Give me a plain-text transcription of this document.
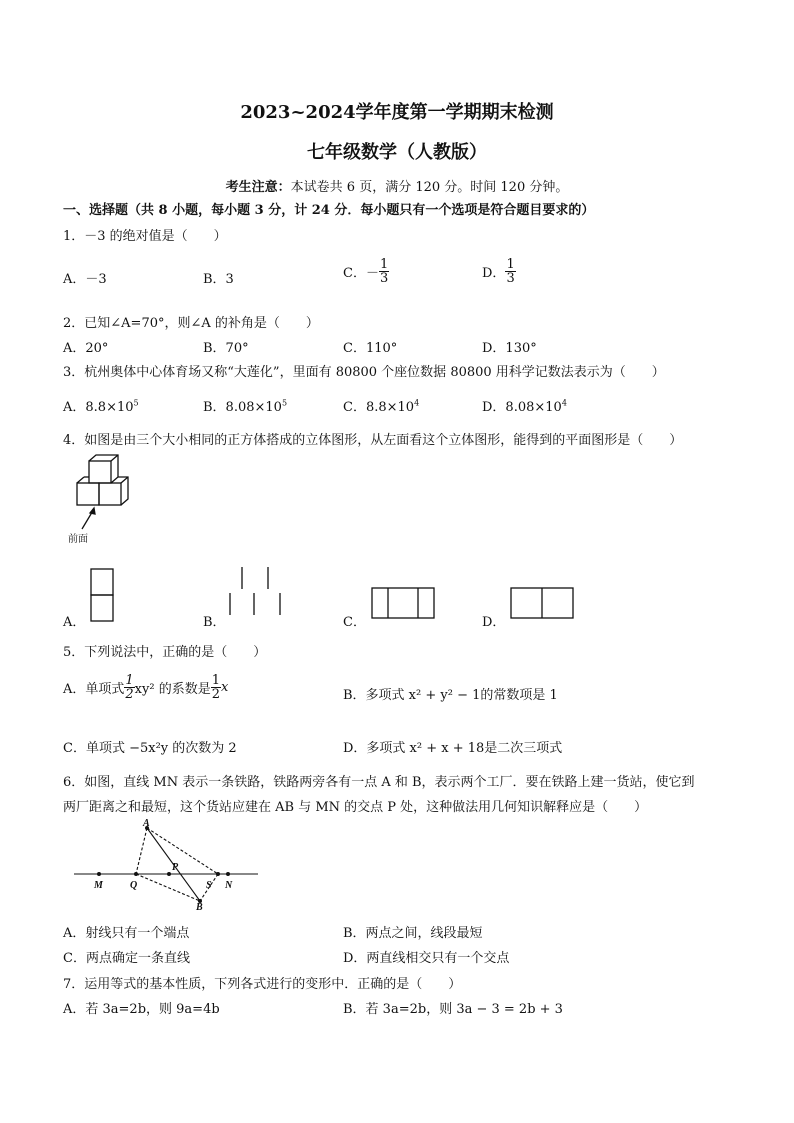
2023~2024学年度第一学期期末检测
七年级数学（人教版）
考生注意：本试卷共 6 页，满分 120 分。时间 120 分钟。
一、选择题（共 8 小题，每小题 3 分，计 24 分．每小题只有一个选项是符合题目要求的）
1．－3 的绝对值是（　　）
A．－3	B．3	C．－ $\frac{1}{3}$	D． $\frac{1}{3}$
2．已知∠A=70°，则∠A 的补角是（　　）
A．20°	B．70°	C．110°	D．130°
3．杭州奥体中心体育场又称“大莲化”，里面有 80800 个座位数据 80800 用科学记数法表示为（　　）
A．$8.8\times 10^5$	B．$8.08\times 10^5$	C．$8.8\times 10^4$	D．$8.08\times 10^4$
4．如图是由三个大小相同的正方体搭成的立体图形，从左面看这个立体图形，能得到的平面图形是（　　）
前面
A．	B．	C．	D．
5．下列说法中，正确的是（　　）
A．单项式 $\frac{1}{2} xy^2$ 的系数是 $\frac{1}{2}$ x
B．多项式 x² + y² − 1的常数项是 1
C．单项式 −5x²y 的次数为 2	D．多项式 x² + x + 18是二次三项式
6．如图，直线 MN 表示一条铁路，铁路两旁各有一点 A 和 B，表示两个工厂．要在铁路上建一货站，使它到
两厂距离之和最短，这个货站应建在 AB 与 MN 的交点 P 处，这种做法用几何知识解释应是（　　）
A
B
M	Q
P
S N
A．射线只有一个端点	B．两点之间，线段最短
C．两点确定一条直线	D．两直线相交只有一个交点
7．运用等式的基本性质，下列各式进行的变形中．正确的是（　　）
A．若 3a=2b，则 9a=4b	B．若 3a=2b，则 3a − 3 = 2b + 3
